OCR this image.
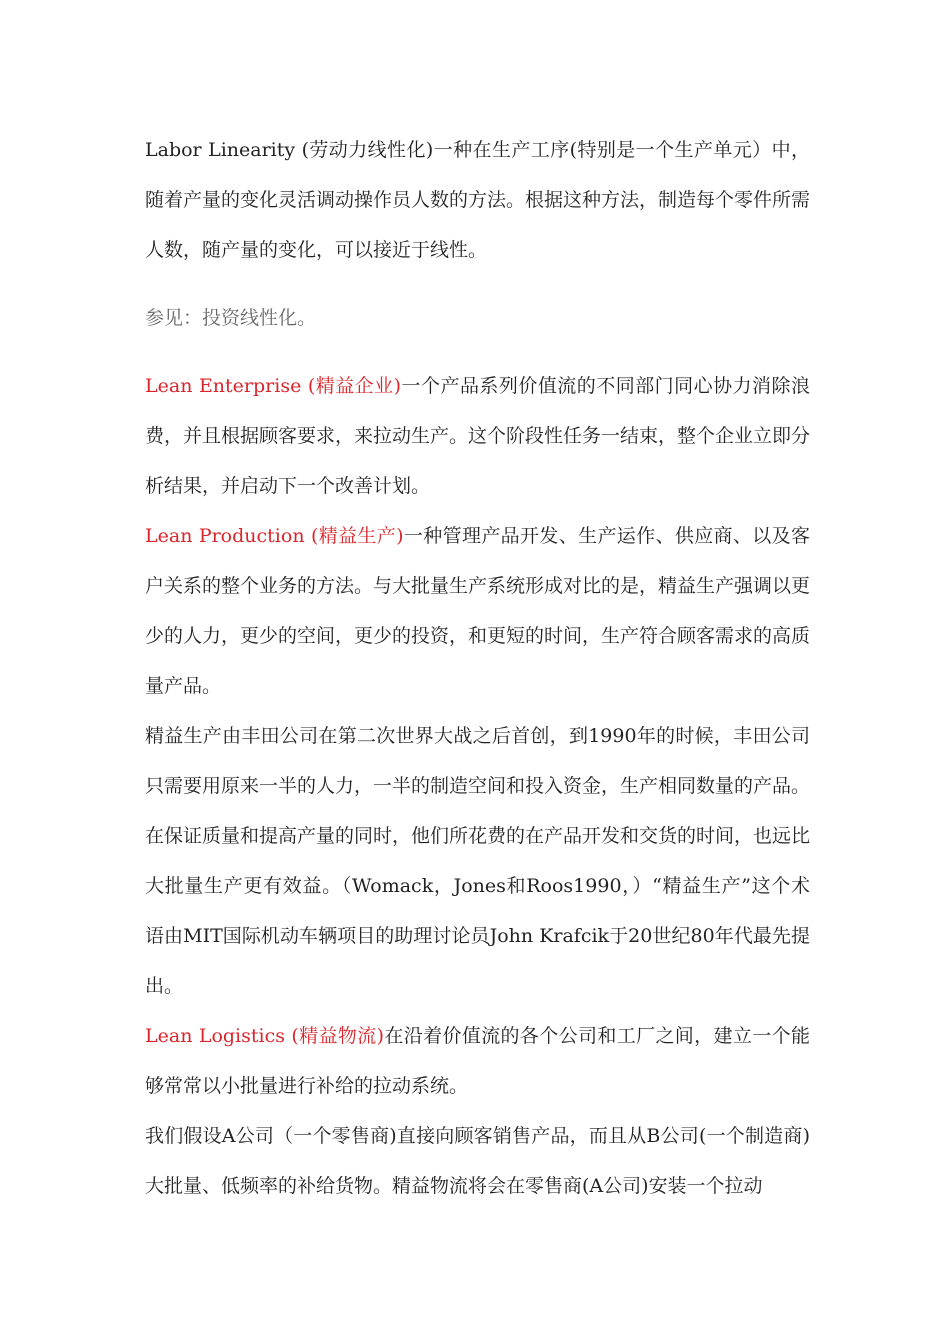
Labor Linearity (劳动力线性化)一种在生产工序(特别是一个生产单元）中，随着产量的变化灵活调动操作员人数的方法。根据这种方法，制造每个零件所需人数，随产量的变化，可以接近于线性。

参见：投资线性化。

Lean Enterprise (精益企业)一个产品系列价值流的不同部门同心协力消除浪费，并且根据顾客要求，来拉动生产。这个阶段性任务一结束，整个企业立即分析结果，并启动下一个改善计划。

Lean Production (精益生产)一种管理产品开发、生产运作、供应商、以及客户关系的整个业务的方法。与大批量生产系统形成对比的是，精益生产强调以更少的人力，更少的空间，更少的投资，和更短的时间，生产符合顾客需求的高质量产品。

精益生产由丰田公司在第二次世界大战之后首创，到1990年的时候，丰田公司只需要用原来一半的人力，一半的制造空间和投入资金，生产相同数量的产品。在保证质量和提高产量的同时，他们所花费的在产品开发和交货的时间，也远比大批量生产更有效益。（Womack，Jones和Roos1990，）“精益生产”这个术语由MIT国际机动车辆项目的助理讨论员John Krafcik于20世纪80年代最先提出。

Lean Logistics (精益物流)在沿着价值流的各个公司和工厂之间，建立一个能够常常以小批量进行补给的拉动系统。

我们假设A公司（一个零售商)直接向顾客销售产品，而且从B公司(一个制造商)大批量、低频率的补给货物。精益物流将会在零售商(A公司)安装一个拉动
